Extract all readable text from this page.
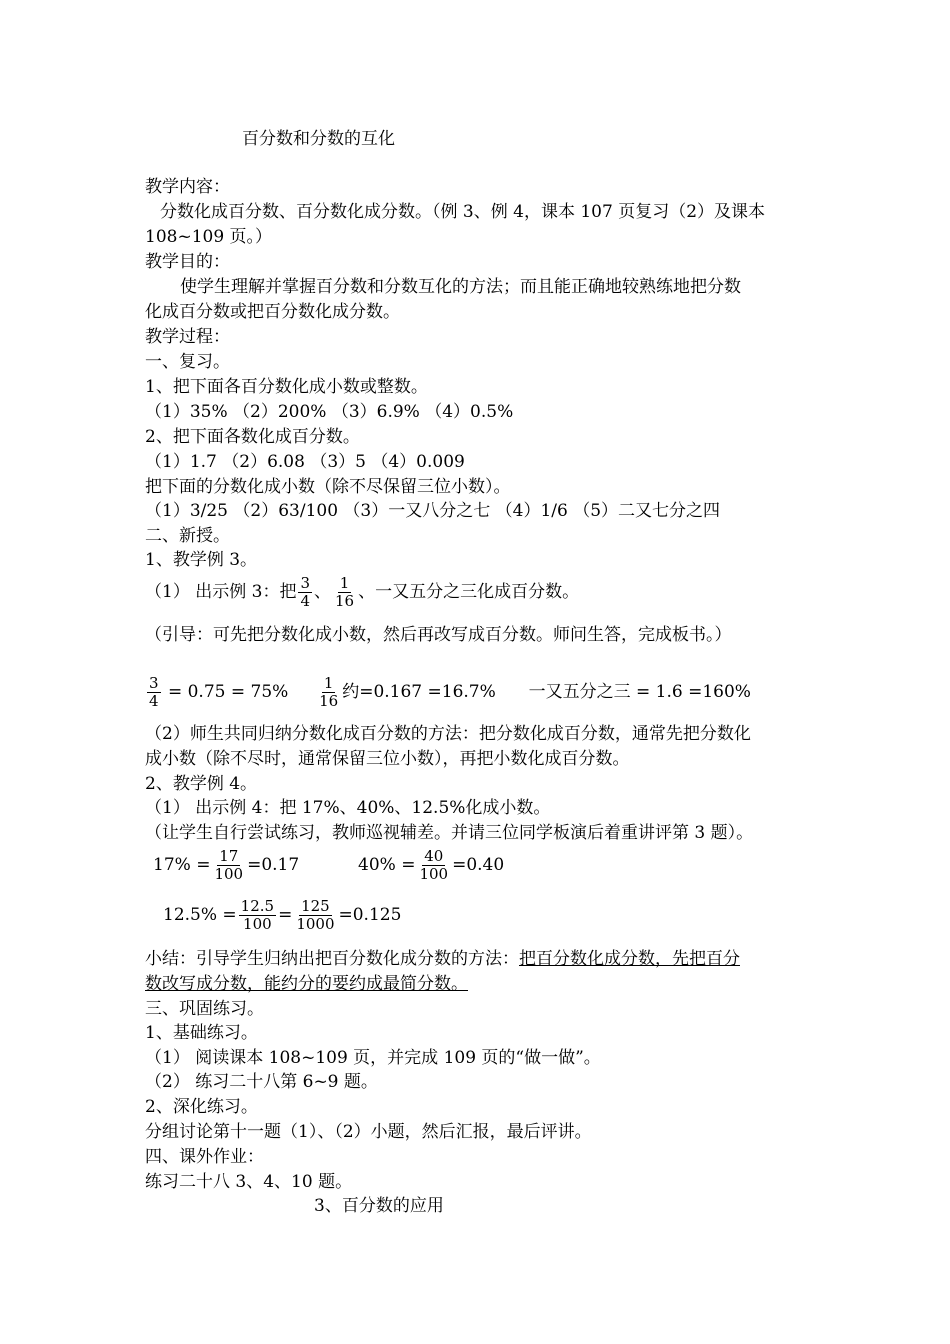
百分数和分数的互化
教学内容：
分数化成百分数、百分数化成分数。（例 3、例 4，课本 107 页复习（2）及课本
108~109 页。）
教学目的：
使学生理解并掌握百分数和分数互化的方法；而且能正确地较熟练地把分数
化成百分数或把百分数化成分数。
教学过程：
一、复习。
1、把下面各百分数化成小数或整数。
（1）35% （2）200% （3）6.9% （4）0.5%
2、把下面各数化成百分数。
（1）1.7 （2）6.08 （3）5 （4）0.009
把下面的分数化成小数（除不尽保留三位小数）。
（1）3/25 （2）63/100 （3）一又八分之七 （4）1/6 （5）二又七分之四
二、新授。
1、教学例 3。
（1） 出示例 3：把 $\frac{3}{4}$ 、 $\frac{1}{16}$ 、一又五分之三化成百分数。
（引导：可先把分数化成小数，然后再改写成百分数。师问生答，完成板书。）
$\frac{3}{4} = 0.75 = 75\% \frac{1}{16}$ 约=0.167 =16.7% 一又五分之三 = 1.6 =160%
（2）师生共同归纳分数化成百分数的方法：把分数化成百分数，通常先把分数化
成小数（除不尽时，通常保留三位小数），再把小数化成百分数。
2、教学例 4。
（1） 出示例 4：把 17%、40%、12.5%化成小数。
（让学生自行尝试练习，教师巡视辅差。并请三位同学板演后着重讲评第 3 题）。
$17\% = \frac{17}{100} =0.17$	$40\% = \frac{40}{100} =0.40$
$12.5\% = \frac{12.5}{100} = \frac{125}{1000} =0.125$
小结：引导学生归纳出把百分数化成分数的方法：把百分数化成分数，先把百分
数改写成分数，能约分的要约成最简分数。
三、巩固练习。
1、基础练习。
（1） 阅读课本 108~109 页，并完成 109 页的“做一做”。
（2） 练习二十八第 6~9 题。
2、深化练习。
分组讨论第十一题（1）、（2）小题，然后汇报，最后评讲。
四、课外作业：
练习二十八 3、4、10 题。
3、百分数的应用
